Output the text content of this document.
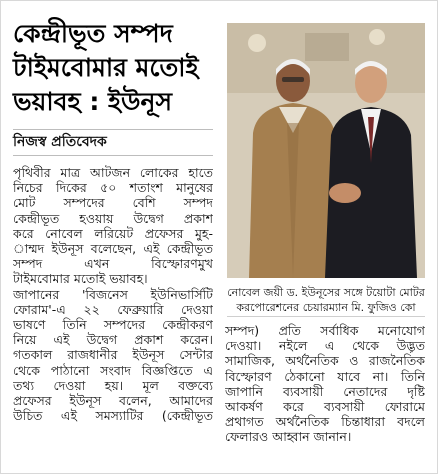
কেন্দ্রীভূত সম্পদ
টাইমবোমার মতোই
ভয়াবহ : ইউনূস
নিজস্ব প্রতিবেদক
পৃথিবীর মাত্র আটজন লোকের হাতে
নিচের দিকের ৫০ শতাংশ মানুষের
মোট সম্পদের বেশি সম্পদ
কেন্দ্রীভূত হওয়ায় উদ্বেগ প্রকাশ
করে নোবেল লরিয়েট প্রফেসর মুহ-
াম্মদ ইউনূস বলেছেন, এই কেন্দ্রীভূত
সম্পদ এখন বিস্ফোরণমুখ
টাইমবোমার মতোই ভয়াবহ।
জাপানের 'বিজনেস ইউনিভার্সিটি
ফোরাম'-এ ২২ ফেব্রুয়ারি দেওয়া
ভাষণে তিনি সম্পদের কেন্দ্রীকরণ
নিয়ে এই উদ্বেগ প্রকাশ করেন।
গতকাল রাজধানীর ইউনূস সেন্টার
থেকে পাঠানো সংবাদ বিজ্ঞপ্তিতে এ
তথ্য দেওয়া হয়। মূল বক্তব্যে
প্রফেসর ইউনূস বলেন, আমাদের
উচিত এই সমস্যাটির (কেন্দ্রীভূত
নোবেল জয়ী ড. ইউনূসের সঙ্গে টয়োটা মোটর
করপোরেশনের চেয়ারম্যান মি. ফুজিও কো
সম্পদ) প্রতি সর্বাধিক মনোযোগ
দেওয়া। নইলে এ থেকে উদ্ভূত
সামাজিক, অর্থনৈতিক ও রাজনৈতিক
বিস্ফোরণ ঠেকানো যাবে না। তিনি
জাপানি ব্যবসায়ী নেতাদের দৃষ্টি
আকর্ষণ করে ব্যবসায়ী ফোরামে
প্রথাগত অর্থনৈতিক চিন্তাধারা বদলে
ফেলারও আহ্বান জানান।
